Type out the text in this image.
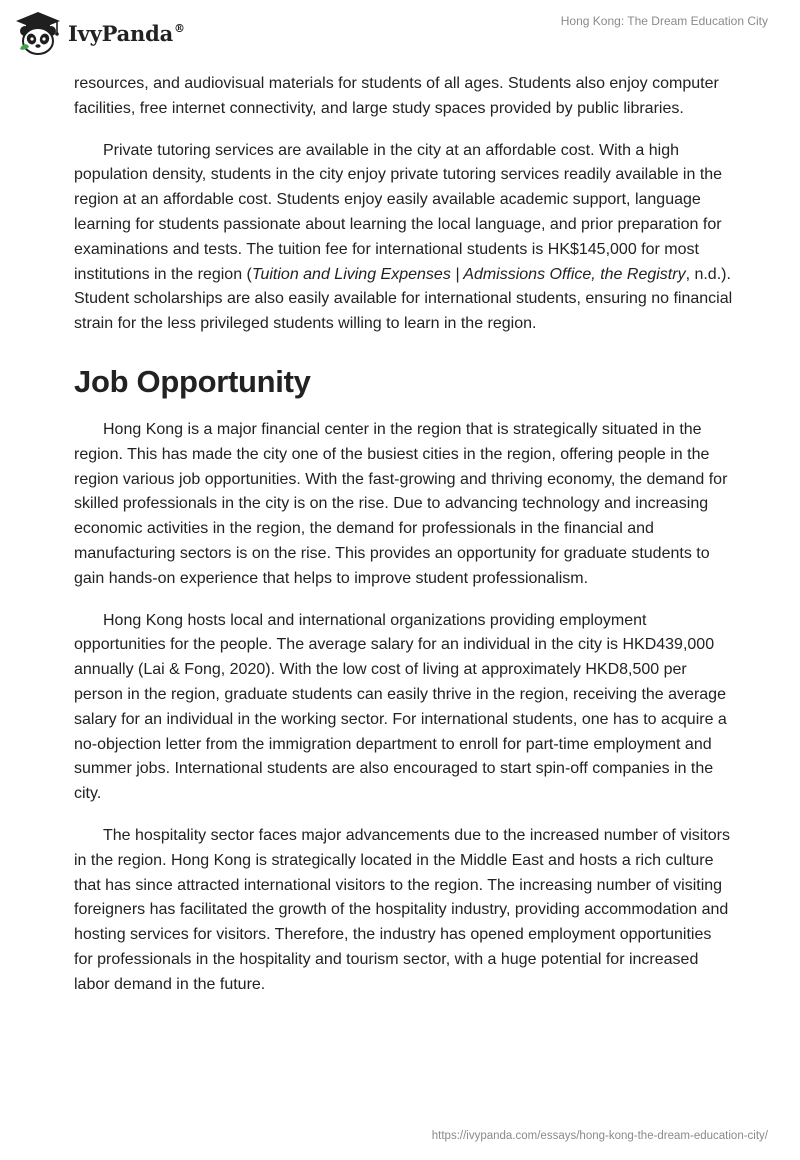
IvyPanda®	Hong Kong: The Dream Education City

resources, and audiovisual materials for students of all ages. Students also enjoy computer facilities, free internet connectivity, and large study spaces provided by public libraries.

Private tutoring services are available in the city at an affordable cost. With a high population density, students in the city enjoy private tutoring services readily available in the region at an affordable cost. Students enjoy easily available academic support, language learning for students passionate about learning the local language, and prior preparation for examinations and tests. The tuition fee for international students is HK$145,000 for most institutions in the region (Tuition and Living Expenses | Admissions Office, the Registry, n.d.). Student scholarships are also easily available for international students, ensuring no financial strain for the less privileged students willing to learn in the region.

Job Opportunity

Hong Kong is a major financial center in the region that is strategically situated in the region. This has made the city one of the busiest cities in the region, offering people in the region various job opportunities. With the fast-growing and thriving economy, the demand for skilled professionals in the city is on the rise. Due to advancing technology and increasing economic activities in the region, the demand for professionals in the financial and manufacturing sectors is on the rise. This provides an opportunity for graduate students to gain hands-on experience that helps to improve student professionalism.

Hong Kong hosts local and international organizations providing employment opportunities for the people. The average salary for an individual in the city is HKD439,000 annually (Lai & Fong, 2020). With the low cost of living at approximately HKD8,500 per person in the region, graduate students can easily thrive in the region, receiving the average salary for an individual in the working sector. For international students, one has to acquire a no-objection letter from the immigration department to enroll for part-time employment and summer jobs. International students are also encouraged to start spin-off companies in the city.

The hospitality sector faces major advancements due to the increased number of visitors in the region. Hong Kong is strategically located in the Middle East and hosts a rich culture that has since attracted international visitors to the region. The increasing number of visiting foreigners has facilitated the growth of the hospitality industry, providing accommodation and hosting services for visitors. Therefore, the industry has opened employment opportunities for professionals in the hospitality and tourism sector, with a huge potential for increased labor demand in the future.

https://ivypanda.com/essays/hong-kong-the-dream-education-city/
